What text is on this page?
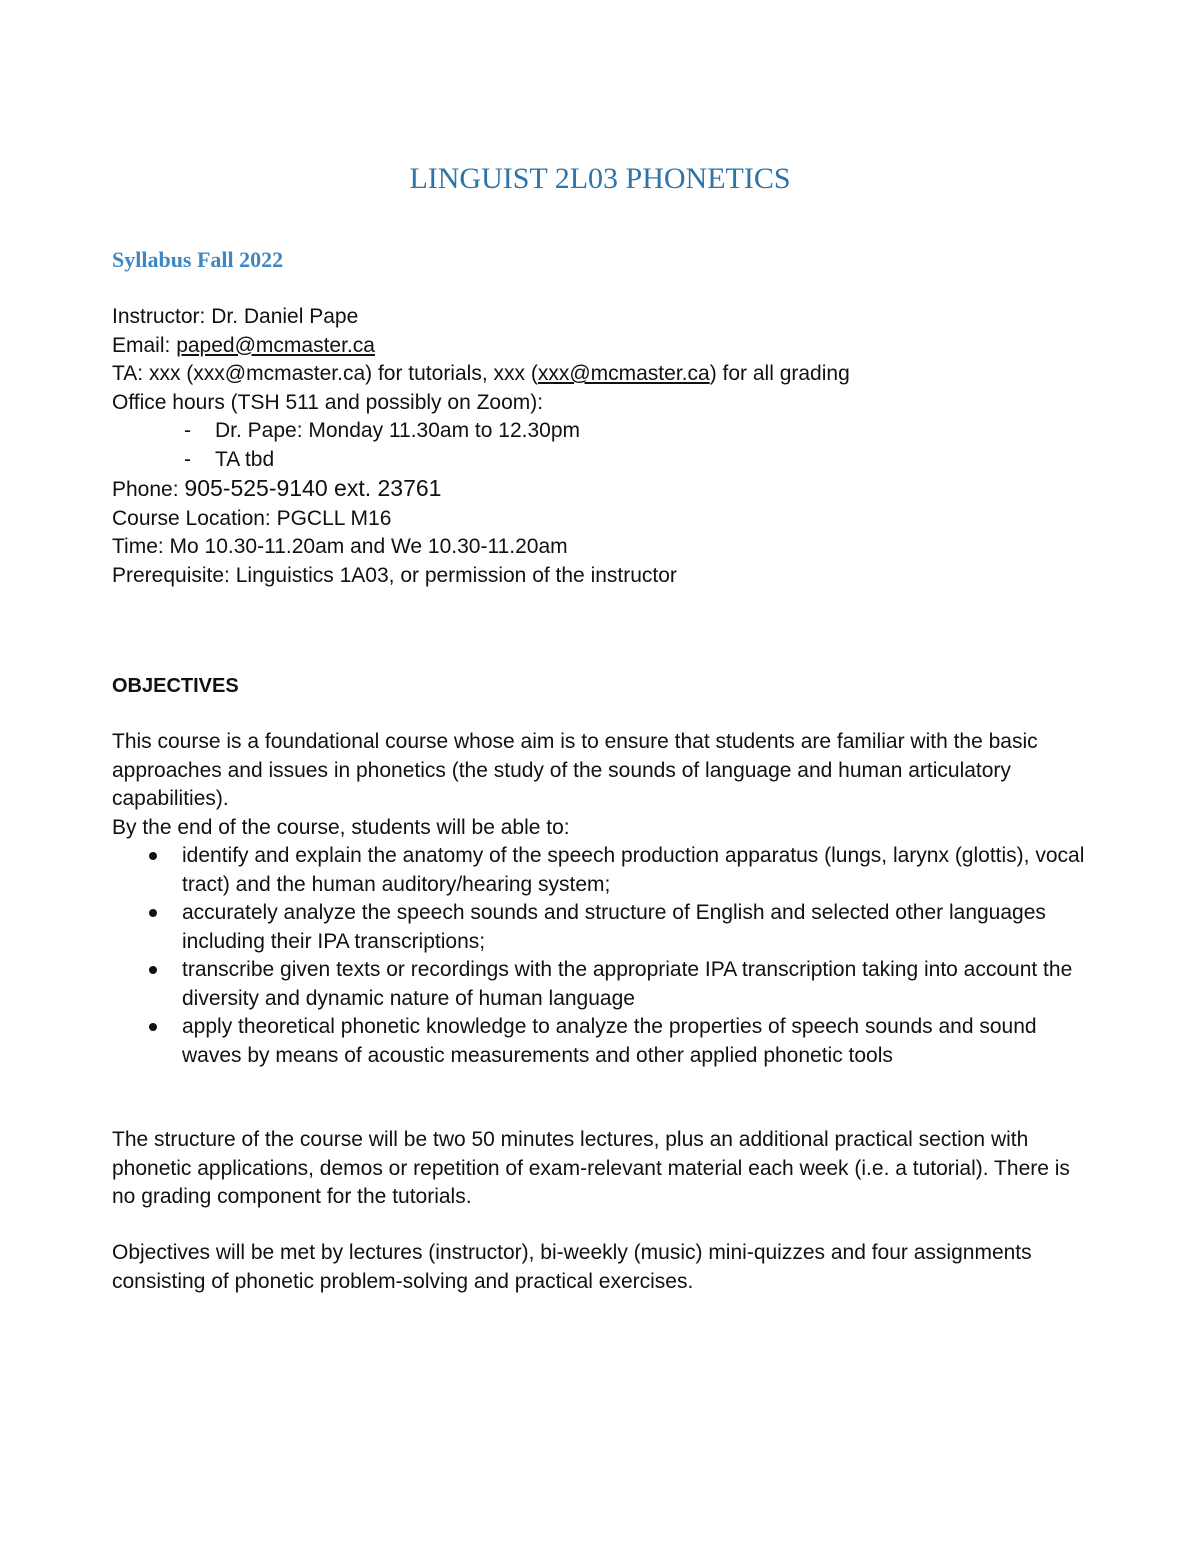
LINGUIST 2L03 PHONETICS
Syllabus Fall 2022
Instructor: Dr. Daniel Pape
Email: paped@mcmaster.ca
TA: xxx (xxx@mcmaster.ca) for tutorials, xxx (xxx@mcmaster.ca) for all grading
Office hours (TSH 511 and possibly on Zoom):
- Dr. Pape: Monday 11.30am to 12.30pm
- TA tbd
Phone: 905-525-9140 ext. 23761
Course Location: PGCLL M16
Time: Mo 10.30-11.20am and We 10.30-11.20am
Prerequisite: Linguistics 1A03, or permission of the instructor
OBJECTIVES
This course is a foundational course whose aim is to ensure that students are familiar with the basic approaches and issues in phonetics (the study of the sounds of language and human articulatory capabilities).
By the end of the course, students will be able to:
identify and explain the anatomy of the speech production apparatus (lungs, larynx (glottis), vocal tract) and the human auditory/hearing system;
accurately analyze the speech sounds and structure of English and selected other languages including their IPA transcriptions;
transcribe given texts or recordings with the appropriate IPA transcription taking into account the diversity and dynamic nature of human language
apply theoretical phonetic knowledge to analyze the properties of speech sounds and sound waves by means of acoustic measurements and other applied phonetic tools
The structure of the course will be two 50 minutes lectures, plus an additional practical section with phonetic applications, demos or repetition of exam-relevant material each week (i.e. a tutorial). There is no grading component for the tutorials.
Objectives will be met by lectures (instructor), bi-weekly (music) mini-quizzes and four assignments consisting of phonetic problem-solving and practical exercises.
